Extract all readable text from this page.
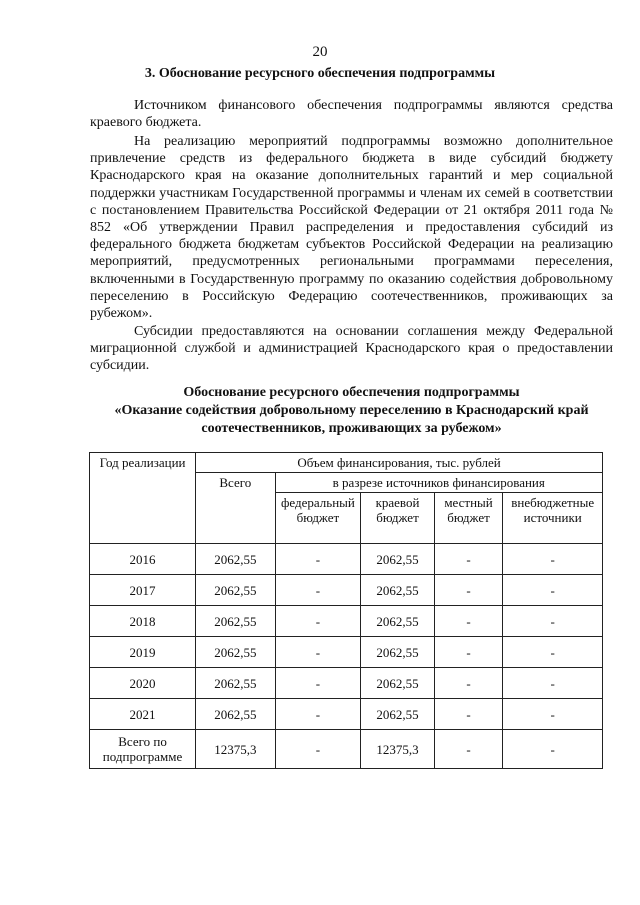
20
3. Обоснование ресурсного обеспечения подпрограммы

Источником финансового обеспечения подпрограммы являются средства краевого бюджета.

На реализацию мероприятий подпрограммы возможно дополнительное привлечение средств из федерального бюджета в виде субсидий бюджету Краснодарского края на оказание дополнительных гарантий и мер социальной поддержки участникам Государственной программы и членам их семей в соответствии с постановлением Правительства Российской Федерации от 21 октября 2011 года № 852 «Об утверждении Правил распределения и предоставления субсидий из федерального бюджета бюджетам субъектов Российской Федерации на реализацию мероприятий, предусмотренных региональными программами переселения, включенными в Государственную программу по оказанию содействия добровольному переселению в Российскую Федерацию соотечественников, проживающих за рубежом».

Субсидии предоставляются на основании соглашения между Федеральной миграционной службой и администрацией Краснодарского края о предоставлении субсидии.

Обоснование ресурсного обеспечения подпрограммы
«Оказание содействия добровольному переселению в Краснодарский край
соотечественников, проживающих за рубежом»
Год реализации	Объем финансирования, тыс. рублей				
	Всего	в разрезе источников финансирования			
		федеральный бюджет	краевой бюджет	местный бюджет	внебюджетные источники
2016	2062,55	-	2062,55	-	-
2017	2062,55	-	2062,55	-	-
2018	2062,55	-	2062,55	-	-
2019	2062,55	-	2062,55	-	-
2020	2062,55	-	2062,55	-	-
2021	2062,55	-	2062,55	-	-
Всего по подпрограмме	12375,3	-	12375,3	-	-
